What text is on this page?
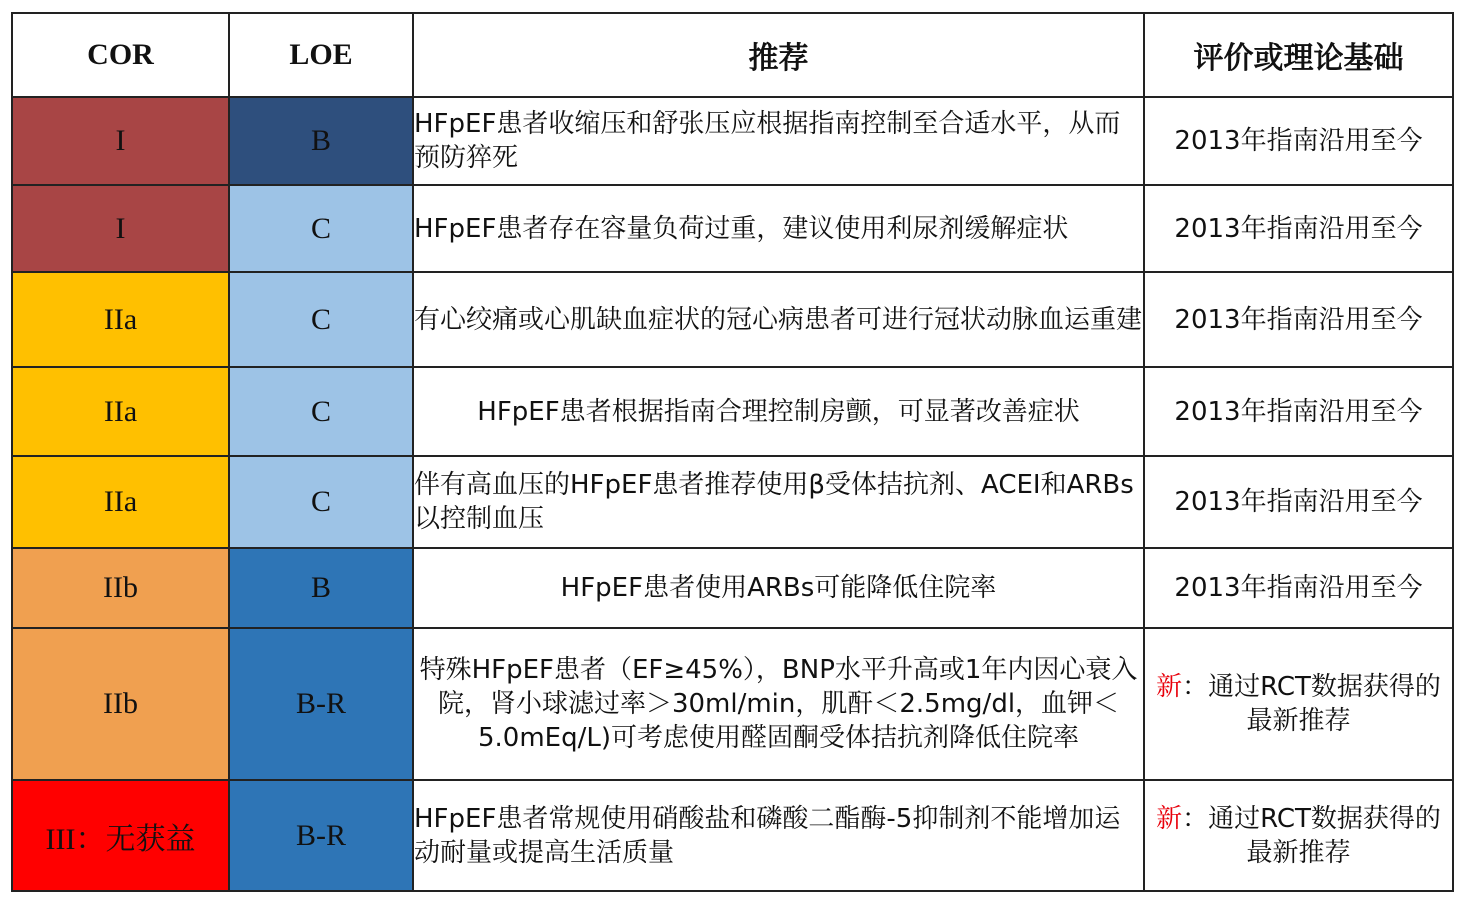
COR	LOE	推荐	评价或理论基础
I	B	HFpEF患者收缩压和舒张压应根据指南控制至合适水平，从而预防猝死	2013年指南沿用至今
I	C	HFpEF患者存在容量负荷过重，建议使用利尿剂缓解症状	2013年指南沿用至今
IIa	C	有心绞痛或心肌缺血症状的冠心病患者可进行冠状动脉血运重建	2013年指南沿用至今
IIa	C	HFpEF患者根据指南合理控制房颤，可显著改善症状	2013年指南沿用至今
IIa	C	伴有高血压的HFpEF患者推荐使用β受体拮抗剂、ACEI和ARBs以控制血压	2013年指南沿用至今
IIb	B	HFpEF患者使用ARBs可能降低住院率	2013年指南沿用至今
IIb	B-R	特殊HFpEF患者（EF≥45%），BNP水平升高或1年内因心衰入院，肾小球滤过率＞30ml/min，肌酐＜2.5mg/dl，血钾＜5.0mEq/L)可考虑使用醛固酮受体拮抗剂降低住院率	新：通过RCT数据获得的最新推荐
III：无获益	B-R	HFpEF患者常规使用硝酸盐和磷酸二酯酶-5抑制剂不能增加运动耐量或提高生活质量	新：通过RCT数据获得的最新推荐
